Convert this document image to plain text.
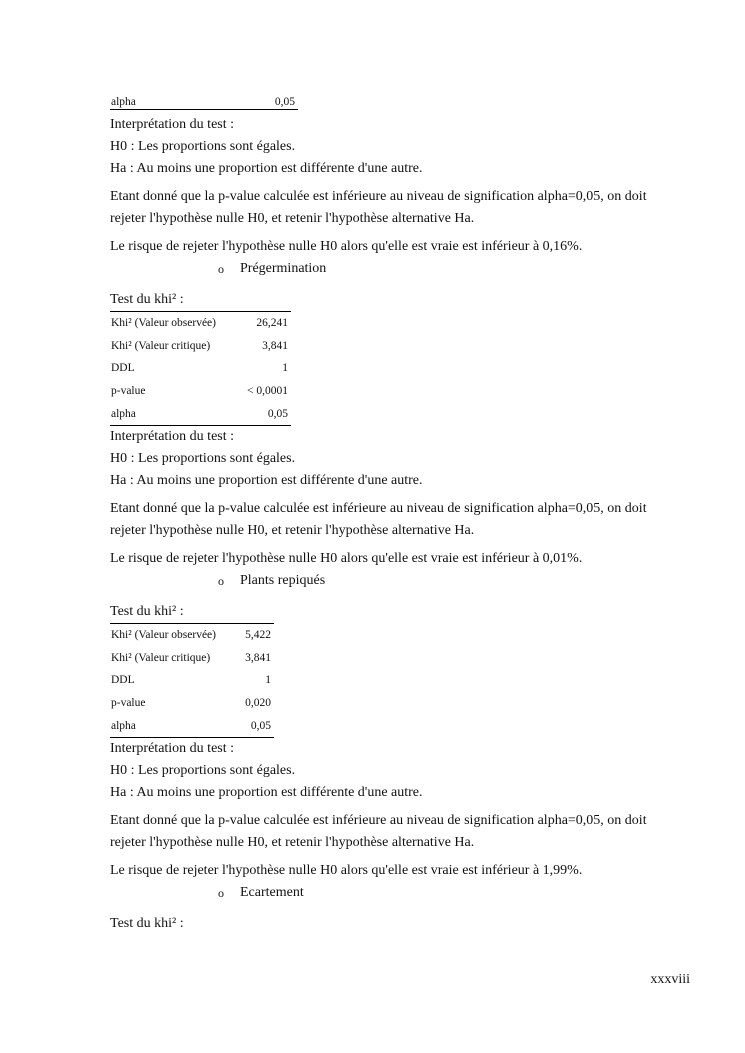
alpha	0,05

Interprétation du test :

H0 : Les proportions sont égales.

Ha : Au moins une proportion est différente d'une autre.

Etant donné que la p-value calculée est inférieure au niveau de signification alpha=0,05, on doit

rejeter l'hypothèse nulle H0, et retenir l'hypothèse alternative Ha.

Le risque de rejeter l'hypothèse nulle H0 alors qu'elle est vraie est inférieur à 0,16%.

o	Prégermination

Test du khi² :

Khi² (Valeur observée)	26,241
Khi² (Valeur critique)	3,841
DDL	1
p-value	< 0,0001
alpha	0,05

Interprétation du test :

H0 : Les proportions sont égales.

Ha : Au moins une proportion est différente d'une autre.

Etant donné que la p-value calculée est inférieure au niveau de signification alpha=0,05, on doit

rejeter l'hypothèse nulle H0, et retenir l'hypothèse alternative Ha.

Le risque de rejeter l'hypothèse nulle H0 alors qu'elle est vraie est inférieur à 0,01%.

o	Plants repiqués

Test du khi² :

Khi² (Valeur observée)	5,422
Khi² (Valeur critique)	3,841
DDL	1
p-value	0,020
alpha	0,05

Interprétation du test :

H0 : Les proportions sont égales.

Ha : Au moins une proportion est différente d'une autre.

Etant donné que la p-value calculée est inférieure au niveau de signification alpha=0,05, on doit

rejeter l'hypothèse nulle H0, et retenir l'hypothèse alternative Ha.

Le risque de rejeter l'hypothèse nulle H0 alors qu'elle est vraie est inférieur à 1,99%.

o	Ecartement

Test du khi² :

xxxviii
